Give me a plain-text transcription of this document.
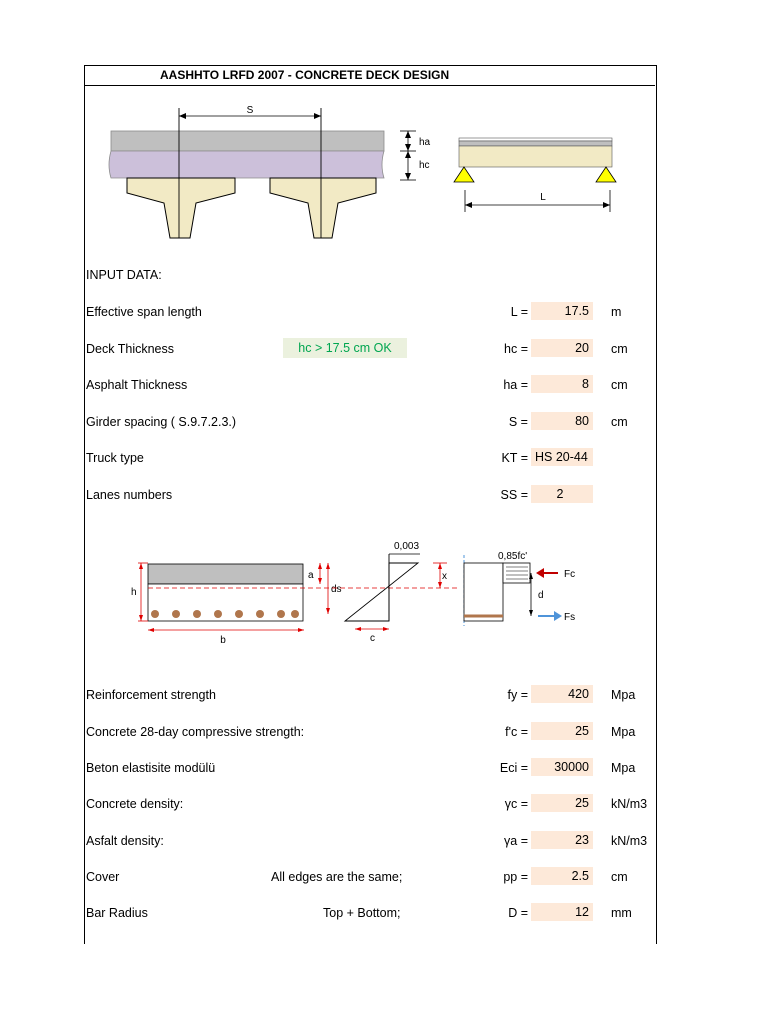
AASHHTO LRFD 2007 - CONCRETE DECK DESIGN
S
ha
hc
L
INPUT DATA:
Effective span length	L =	17.5	m
Deck Thickness	hc =	20	cm
hc > 17.5 cm OK
Asphalt Thickness	ha =	8	cm
Girder spacing ( S.9.7.2.3.)	S =	80	cm
Truck type	KT = HS 20-44
Lanes numbers	SS =	2
h
b
a
ds
0,003
x
c
0,85fc'
Fc
Fs
d
Reinforcement strength	fy =	420	Mpa
Concrete 28-day compressive strength:	f'c =	25	Mpa
Beton elastisite modülü	Eci =	30000	Mpa
Concrete density:	γc =	25	kN/m3
Asfalt density:	γa =	23	kN/m3
Cover	All edges are the same;	pp =	2.5	cm
Bar Radius	Top + Bottom;	D =	12	mm
